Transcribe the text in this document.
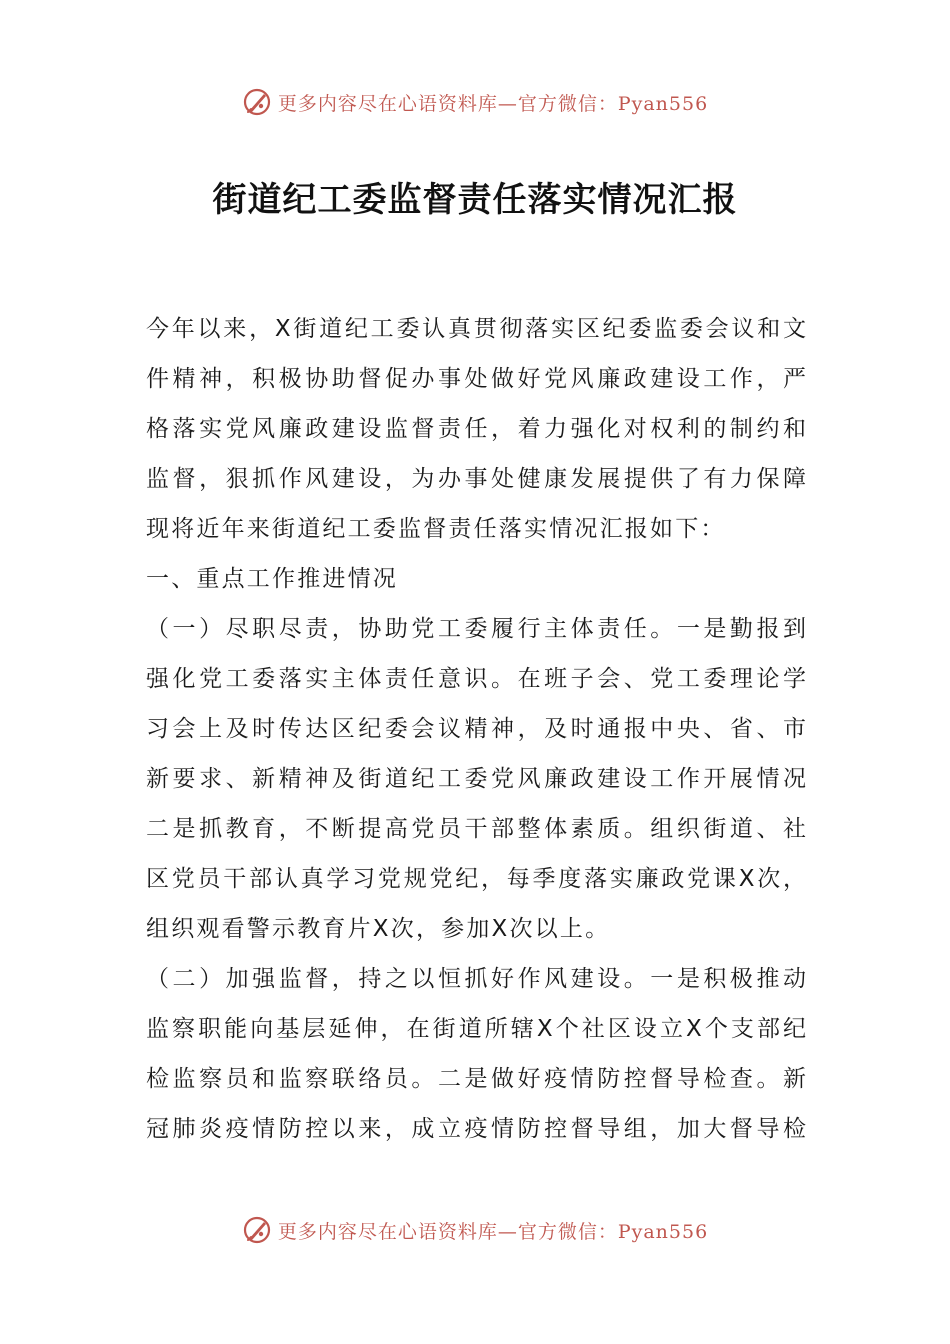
更多内容尽在心语资料库—官方微信：Pyan556
街道纪工委监督责任落实情况汇报
今年以来，X街道纪工委认真贯彻落实区纪委监委会议和文
件精神，积极协助督促办事处做好党风廉政建设工作，严
格落实党风廉政建设监督责任，着力强化对权利的制约和
监督，狠抓作风建设，为办事处健康发展提供了有力保障
现将近年来街道纪工委监督责任落实情况汇报如下：
一、重点工作推进情况
（一）尽职尽责，协助党工委履行主体责任。一是勤报到
强化党工委落实主体责任意识。在班子会、党工委理论学
习会上及时传达区纪委会议精神，及时通报中央、省、市
新要求、新精神及街道纪工委党风廉政建设工作开展情况
二是抓教育，不断提高党员干部整体素质。组织街道、社
区党员干部认真学习党规党纪，每季度落实廉政党课X次，
组织观看警示教育片X次，参加X次以上。
（二）加强监督，持之以恒抓好作风建设。一是积极推动
监察职能向基层延伸，在街道所辖X个社区设立X个支部纪
检监察员和监察联络员。二是做好疫情防控督导检查。新
冠肺炎疫情防控以来，成立疫情防控督导组，加大督导检
更多内容尽在心语资料库—官方微信：Pyan556
